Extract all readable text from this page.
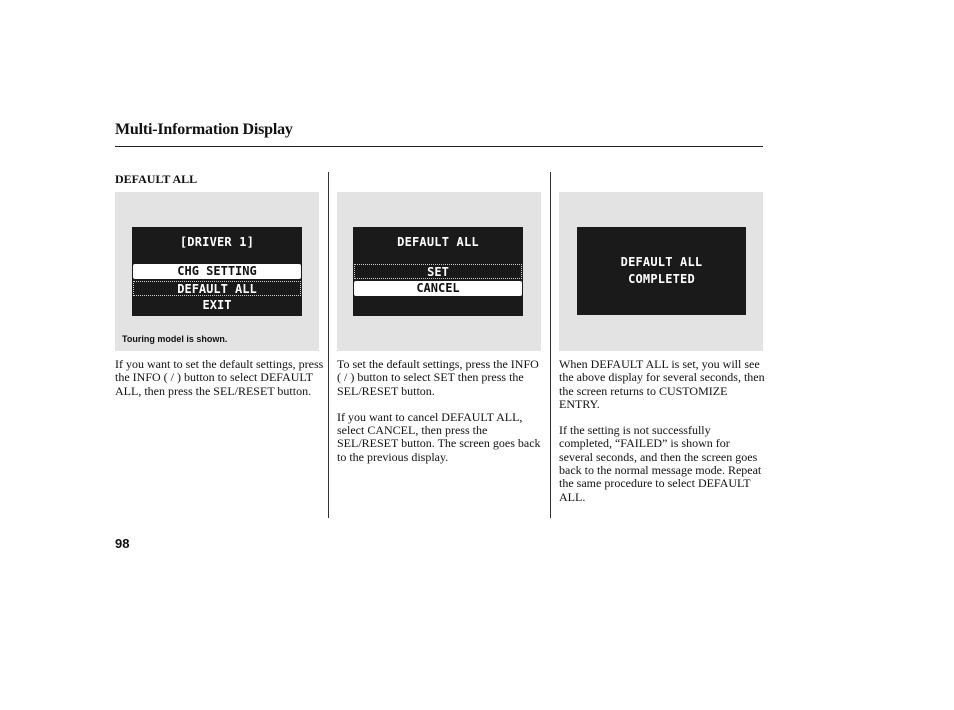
Multi-Information Display
DEFAULT ALL
[DRIVER 1]
CHG SETTING
DEFAULT ALL
EXIT
Touring model is shown.
DEFAULT ALL
SET
CANCEL
DEFAULT ALL
COMPLETED

If you want to set the default settings, press the INFO ( / ) button to select DEFAULT ALL, then press the SEL/RESET button.

To set the default settings, press the INFO ( / ) button to select SET then press the SEL/RESET button.

If you want to cancel DEFAULT ALL, select CANCEL, then press the SEL/RESET button. The screen goes back to the previous display.

When DEFAULT ALL is set, you will see the above display for several seconds, then the screen returns to CUSTOMIZE ENTRY.

If the setting is not successfully completed, “FAILED” is shown for several seconds, and then the screen goes back to the normal message mode. Repeat the same procedure to select DEFAULT ALL.

98
